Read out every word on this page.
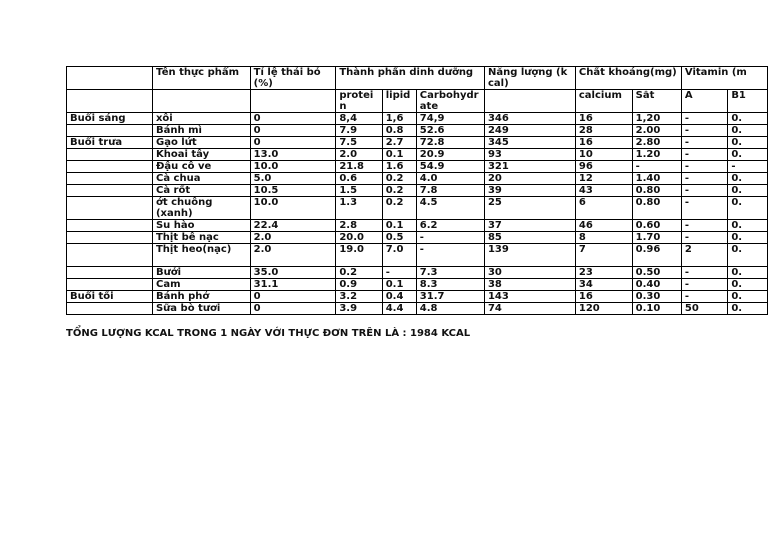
	Tên thực phẩm	Tỉ lệ thải bỏ(%)	Thành phần dinh dưỡng			Năng lượng (kcal)	Chất khoáng(mg)		Vitamin (m	
			protein	lipid	Carbohydrate		calcium	Sắt	A	B1
Buổi sáng	xôi	0	8,4	1,6	74,9	346	16	1,20	-	0.
	Bánh mì	0	7.9	0.8	52.6	249	28	2.00	-	0.
Buổi trưa	Gạo lứt	0	7.5	2.7	72.8	345	16	2.80	-	0.
	Khoai tây	13.0	2.0	0.1	20.9	93	10	1.20	-	0.
	Đậu cô ve	10.0	21.8	1.6	54.9	321	96	-	-	-
	Cà chua	5.0	0.6	0.2	4.0	20	12	1.40	-	0.
	Cà rốt	10.5	1.5	0.2	7.8	39	43	0.80	-	0.
	ớt chuông (xanh)	10.0	1.3	0.2	4.5	25	6	0.80	-	0.
	Su hào	22.4	2.8	0.1	6.2	37	46	0.60	-	0.
	Thịt bê nạc	2.0	20.0	0.5	-	85	8	1.70	-	0.
	Thịt heo(nạc)	2.0	19.0	7.0	-	139	7	0.96	2	0.
	Bưởi	35.0	0.2	-	7.3	30	23	0.50	-	0.
	Cam	31.1	0.9	0.1	8.3	38	34	0.40	-	0.
Buổi tối	Bánh phở	0	3.2	0.4	31.7	143	16	0.30	-	0.
	Sữa bò tươi	0	3.9	4.4	4.8	74	120	0.10	50	0.
TỔNG LƯỢNG KCAL TRONG 1 NGÀY VỚI THỰC ĐƠN TRÊN LÀ : 1984 KCAL
